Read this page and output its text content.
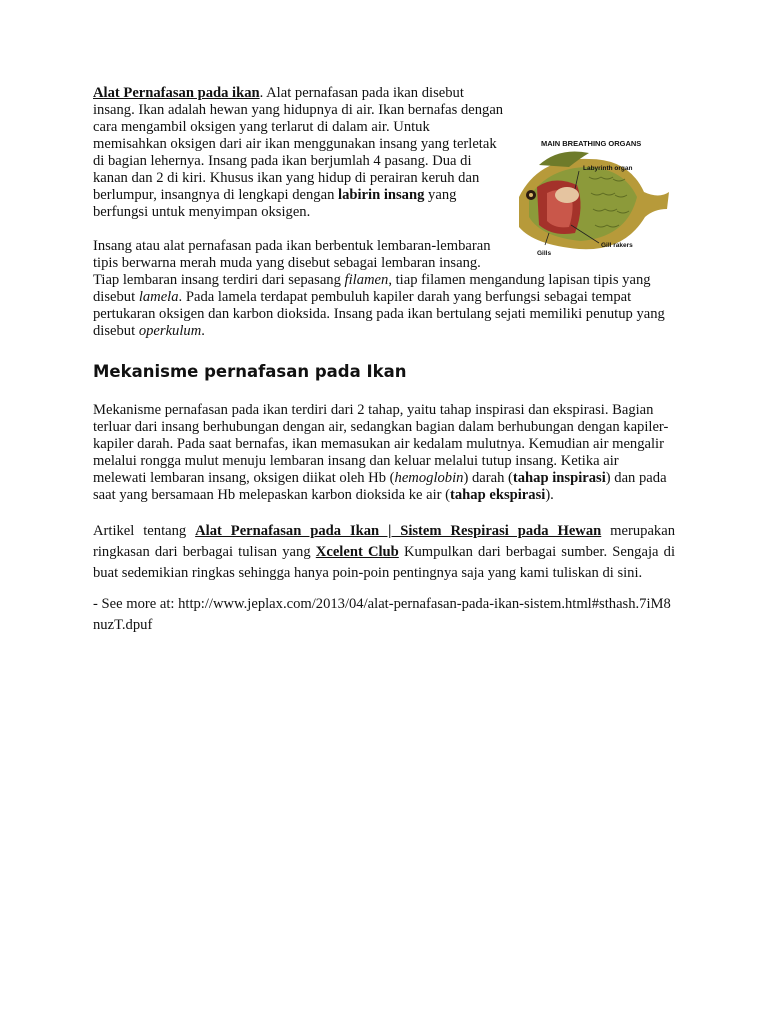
MAIN BREATHING ORGANS
Labyrinth organ
Gills
Gill rakers

Alat Pernafasan pada ikan. Alat pernafasan pada ikan disebut insang. Ikan adalah hewan yang hidupnya di air. Ikan bernafas dengan cara mengambil oksigen yang terlarut di dalam air. Untuk memisahkan oksigen dari air ikan menggunakan insang yang terletak di bagian lehernya. Insang pada ikan berjumlah 4 pasang. Dua di kanan dan 2 di kiri. Khusus ikan yang hidup di perairan keruh dan berlumpur, insangnya di lengkapi dengan labirin insang yang berfungsi untuk menyimpan oksigen.

Insang atau alat pernafasan pada ikan berbentuk lembaran-lembaran tipis berwarna merah muda yang disebut sebagai lembaran insang. Tiap lembaran insang terdiri dari sepasang filamen, tiap filamen mengandung lapisan tipis yang disebut lamela. Pada lamela terdapat pembuluh kapiler darah yang berfungsi sebagai tempat pertukaran oksigen dan karbon dioksida. Insang pada ikan bertulang sejati memiliki penutup yang disebut operkulum.

Mekanisme pernafasan pada Ikan

Mekanisme pernafasan pada ikan terdiri dari 2 tahap, yaitu tahap inspirasi dan ekspirasi. Bagian terluar dari insang berhubungan dengan air, sedangkan bagian dalam berhubungan dengan kapiler-kapiler darah. Pada saat bernafas, ikan memasukan air kedalam mulutnya. Kemudian air mengalir melalui rongga mulut menuju lembaran insang dan keluar melalui tutup insang. Ketika air melewati lembaran insang, oksigen diikat oleh Hb (hemoglobin) darah (tahap inspirasi) dan pada saat yang bersamaan Hb melepaskan karbon dioksida ke air (tahap ekspirasi).

Artikel tentang Alat Pernafasan pada Ikan | Sistem Respirasi pada Hewan merupakan ringkasan dari berbagai tulisan yang Xcelent Club Kumpulkan dari berbagai sumber. Sengaja di buat sedemikian ringkas sehingga hanya poin-poin pentingnya saja yang kami tuliskan di sini.

- See more at: http://www.jeplax.com/2013/04/alat-pernafasan-pada-ikan-sistem.html#sthash.7iM8nuzT.dpuf
